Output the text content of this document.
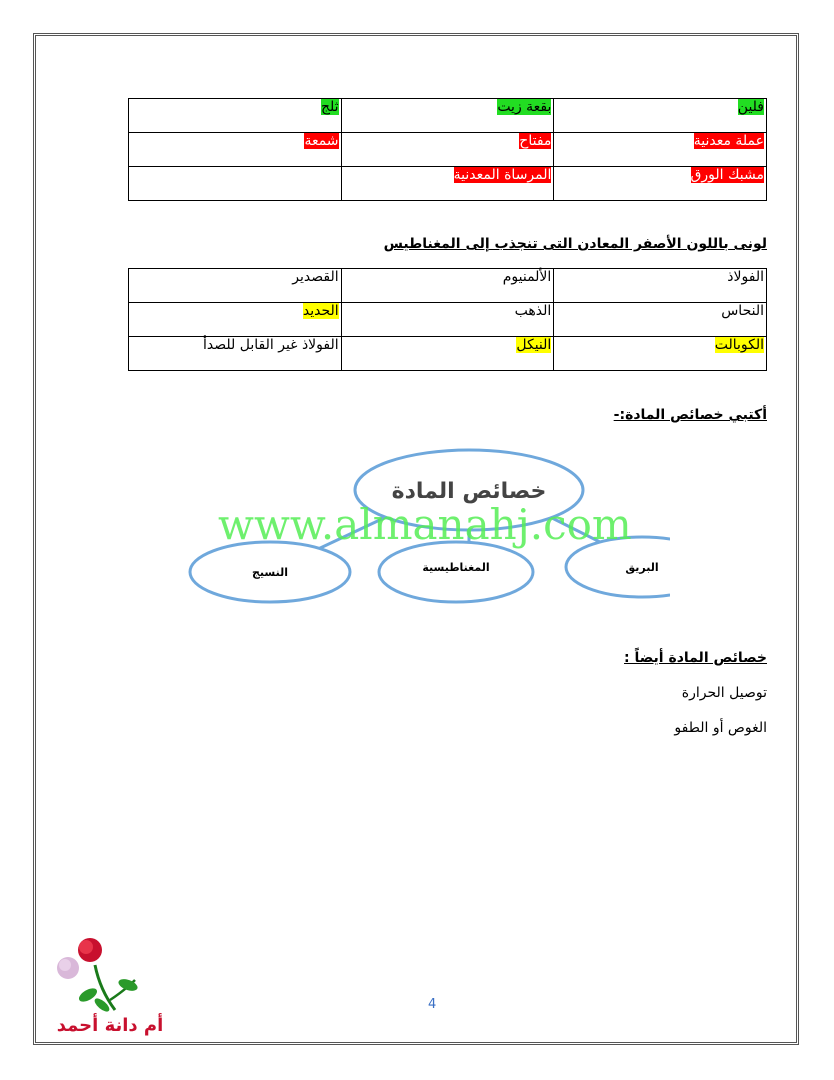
فلين	بقعة زيت	ثلج
عملة معدنية	مفتاح	شمعة
مشبك الورق	المرساة المعدنية	
لونى باللون الأصفر المعادن التى تنجذب إلى المغناطيس
الفولاذ	الألمنيوم	القصدير
النحاس	الذهب	الحديد
الكوبالت	النيكل	الفولاذ غير القابل للصدأ
أكتبي خصائص المادة:-
خصائص المادة
النسيج	المغناطيسية	البريق
www.almanahj.com
خصائص المادة أيضاً :
توصيل الحرارة
الغوص أو الطفو
أم دانة أحمد
4
